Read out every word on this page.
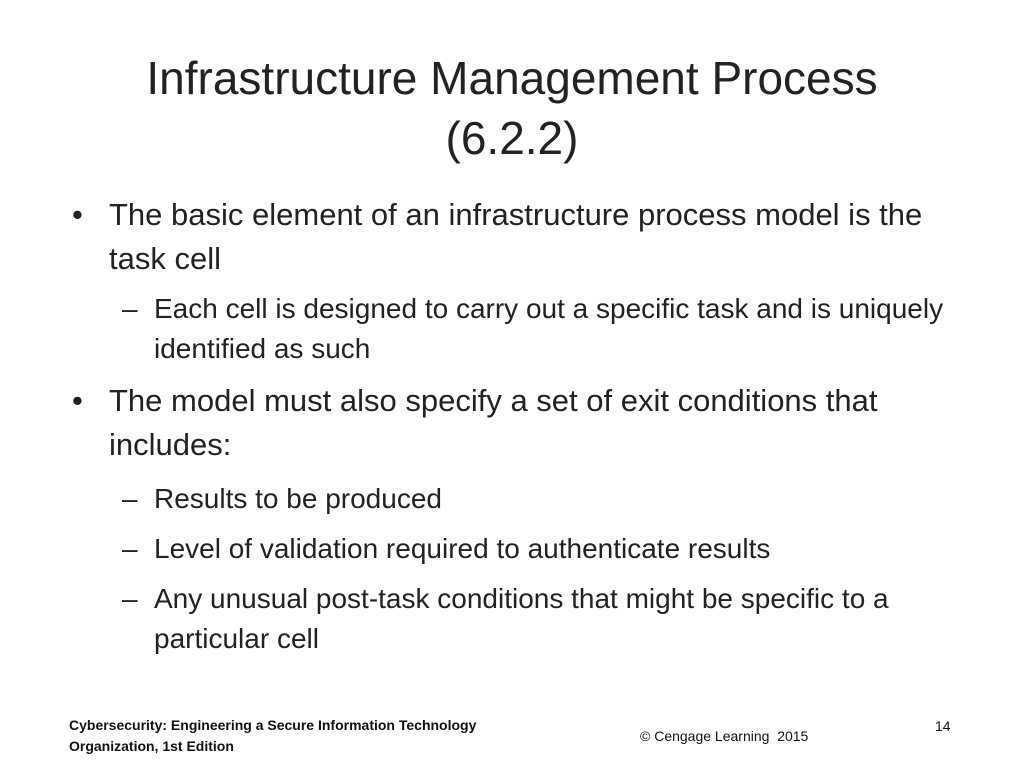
Infrastructure Management Process
(6.2.2)
• The basic element of an infrastructure process model is the task cell
– Each cell is designed to carry out a specific task and is uniquely identified as such
• The model must also specify a set of exit conditions that includes:
– Results to be produced
– Level of validation required to authenticate results
– Any unusual post-task conditions that might be specific to a particular cell
Cybersecurity: Engineering a Secure Information Technology
Organization, 1st Edition
© Cengage Learning  2015
14
